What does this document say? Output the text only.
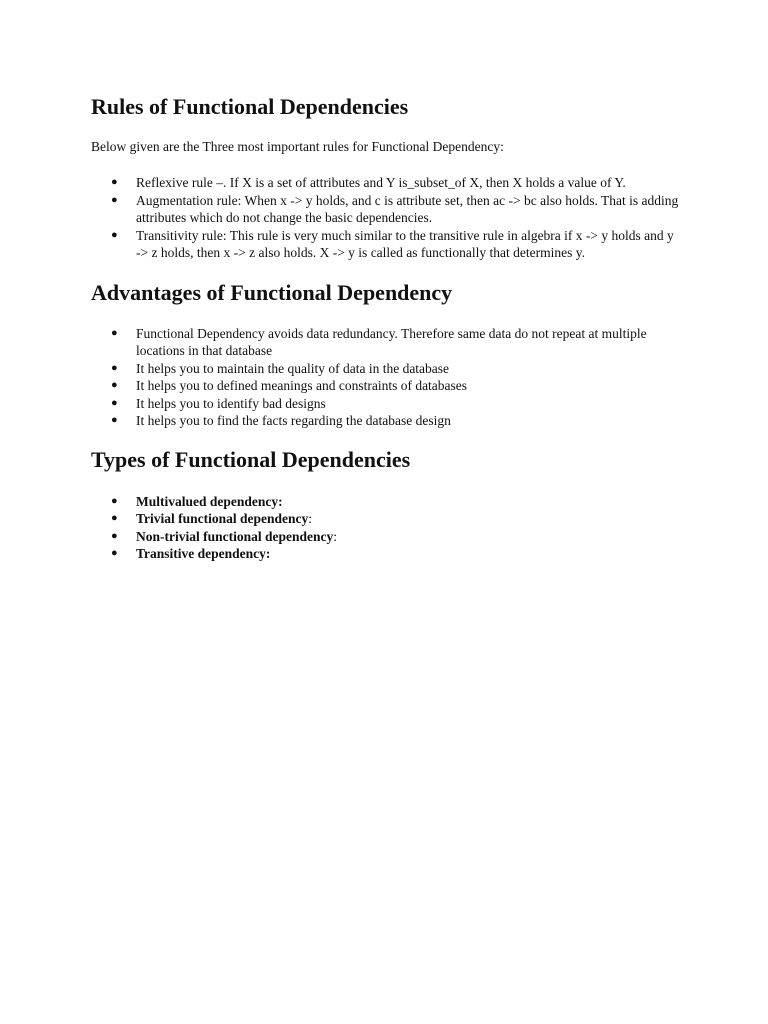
Rules of Functional Dependencies

Below given are the Three most important rules for Functional Dependency:

● Reflexive rule –. If X is a set of attributes and Y is_subset_of X, then X holds a value of Y.
● Augmentation rule: When x -> y holds, and c is attribute set, then ac -> bc also holds. That is adding attributes which do not change the basic dependencies.
● Transitivity rule: This rule is very much similar to the transitive rule in algebra if x -> y holds and y -> z holds, then x -> z also holds. X -> y is called as functionally that determines y.
Advantages of Functional Dependency
● Functional Dependency avoids data redundancy. Therefore same data do not repeat at multiple locations in that database
● It helps you to maintain the quality of data in the database
● It helps you to defined meanings and constraints of databases
● It helps you to identify bad designs
● It helps you to find the facts regarding the database design
Types of Functional Dependencies
● Multivalued dependency:
● Trivial functional dependency:
● Non-trivial functional dependency:
● Transitive dependency:
